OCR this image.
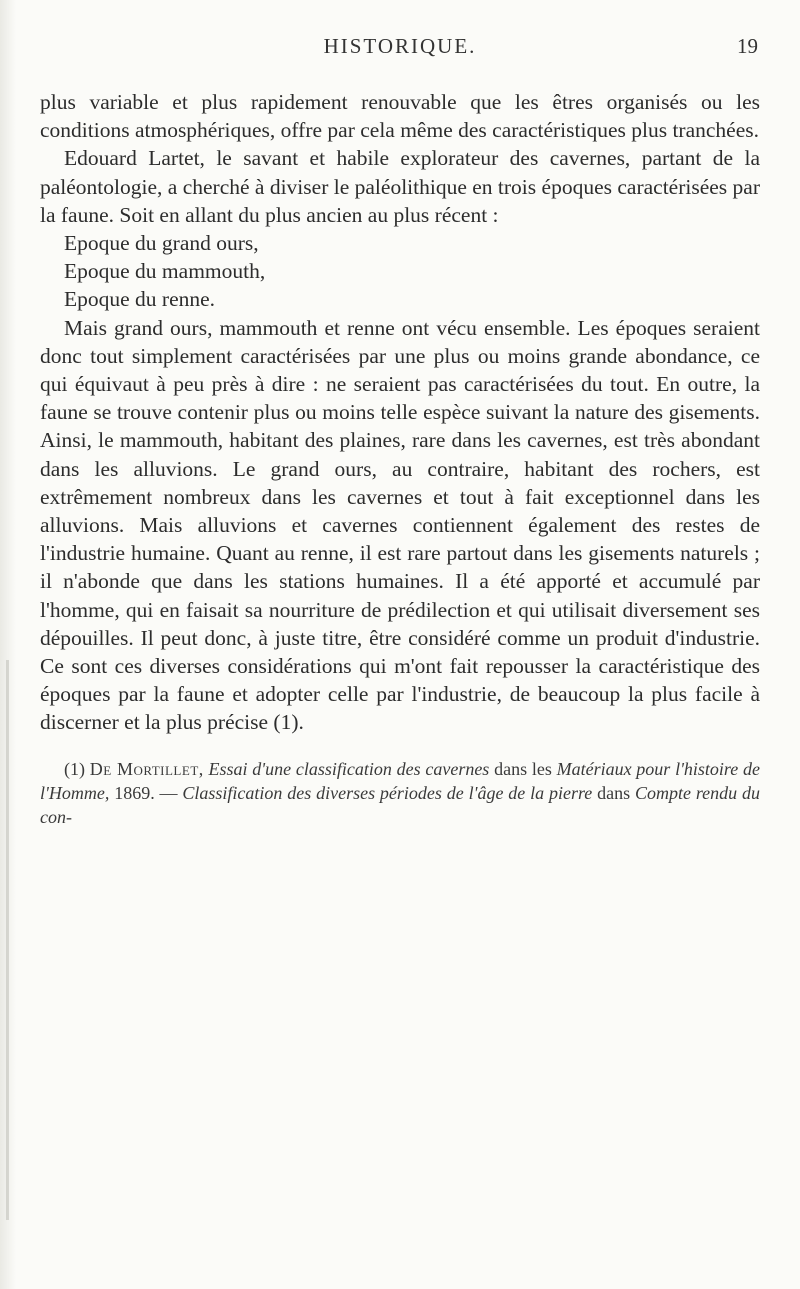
HISTORIQUE.	19

plus variable et plus rapidement renouvable que les êtres organisés ou les conditions atmosphériques, offre par cela même des caractéristiques plus tranchées.

Edouard Lartet, le savant et habile explorateur des cavernes, partant de la paléontologie, a cherché à diviser le paléolithique en trois époques caractérisées par la faune. Soit en allant du plus ancien au plus récent :

Epoque du grand ours,

Epoque du mammouth,

Epoque du renne.

Mais grand ours, mammouth et renne ont vécu ensemble. Les époques seraient donc tout simplement caractérisées par une plus ou moins grande abondance, ce qui équivaut à peu près à dire : ne seraient pas caractérisées du tout. En outre, la faune se trouve contenir plus ou moins telle espèce suivant la nature des gisements. Ainsi, le mammouth, habitant des plaines, rare dans les cavernes, est très abondant dans les alluvions. Le grand ours, au contraire, habitant des rochers, est extrêmement nombreux dans les cavernes et tout à fait exceptionnel dans les alluvions. Mais alluvions et cavernes contiennent également des restes de l'industrie humaine. Quant au renne, il est rare partout dans les gisements naturels ; il n'abonde que dans les stations humaines. Il a été apporté et accumulé par l'homme, qui en faisait sa nourriture de prédilection et qui utilisait diversement ses dépouilles. Il peut donc, à juste titre, être considéré comme un produit d'industrie. Ce sont ces diverses considérations qui m'ont fait repousser la caractéristique des époques par la faune et adopter celle par l'industrie, de beaucoup la plus facile à discerner et la plus précise (1).

(1) De Mortillet, Essai d'une classification des cavernes dans les Matériaux pour l'histoire de l'Homme, 1869. — Classification des diverses périodes de l'âge de la pierre dans Compte rendu du con-
